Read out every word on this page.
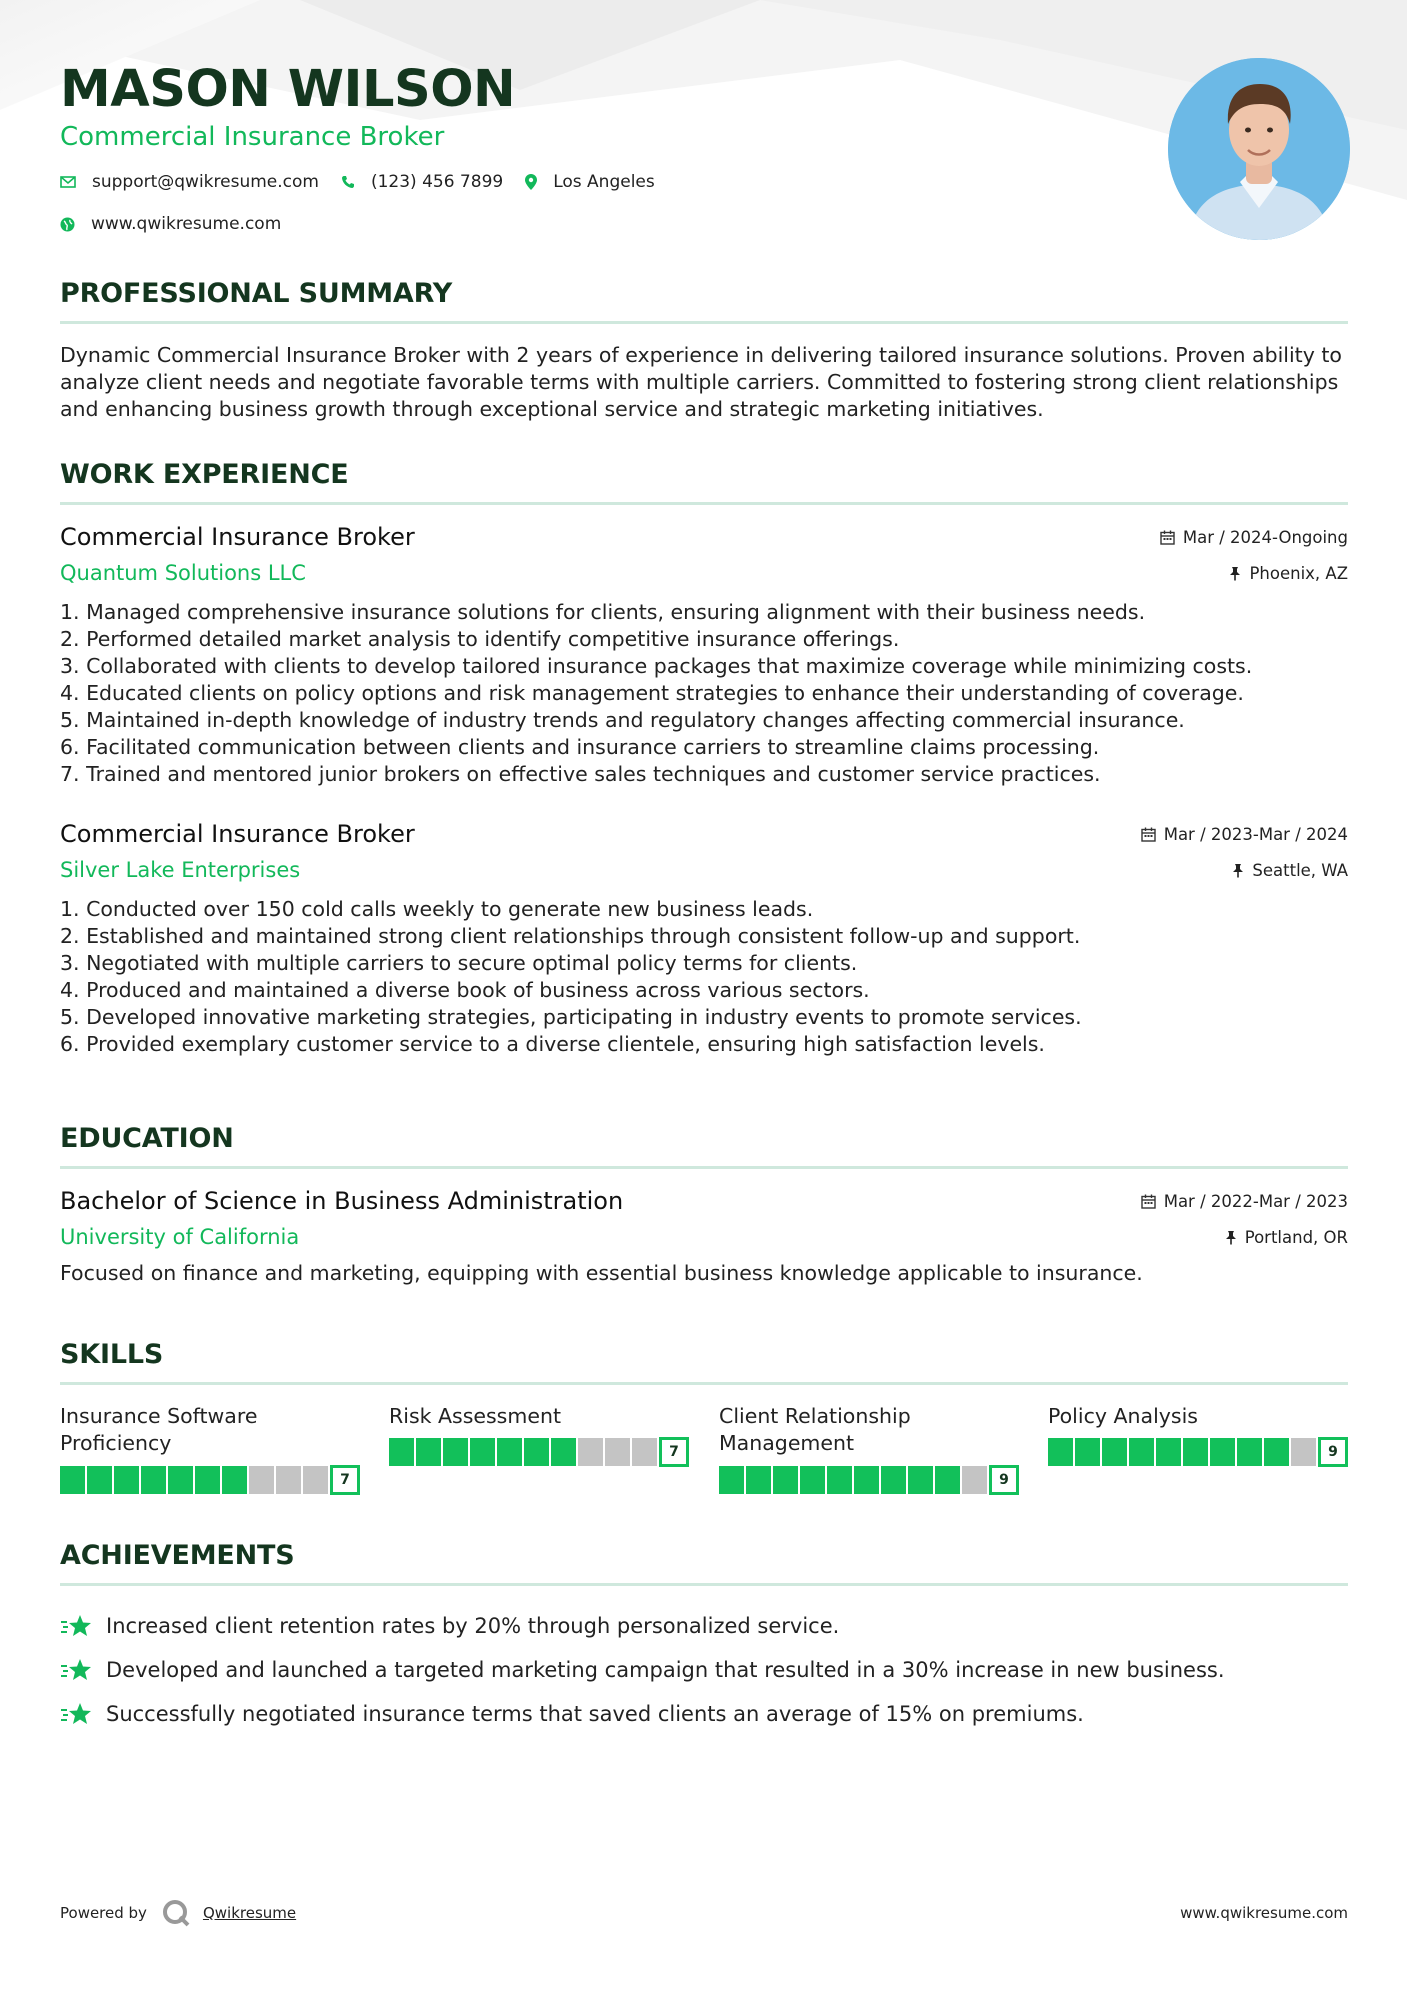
MASON WILSON
Commercial Insurance Broker
support@qwikresume.com	(123) 456 7899	Los Angeles
www.qwikresume.com
PROFESSIONAL SUMMARY
Dynamic Commercial Insurance Broker with 2 years of experience in delivering tailored insurance solutions. Proven ability to analyze client needs and negotiate favorable terms with multiple carriers. Committed to fostering strong client relationships and enhancing business growth through exceptional service and strategic marketing initiatives.
WORK EXPERIENCE
Commercial Insurance Broker	Mar / 2024-Ongoing
Quantum Solutions LLC	Phoenix, AZ
1. Managed comprehensive insurance solutions for clients, ensuring alignment with their business needs.
2. Performed detailed market analysis to identify competitive insurance offerings.
3. Collaborated with clients to develop tailored insurance packages that maximize coverage while minimizing costs.
4. Educated clients on policy options and risk management strategies to enhance their understanding of coverage.
5. Maintained in-depth knowledge of industry trends and regulatory changes affecting commercial insurance.
6. Facilitated communication between clients and insurance carriers to streamline claims processing.
7. Trained and mentored junior brokers on effective sales techniques and customer service practices.
Commercial Insurance Broker	Mar / 2023-Mar / 2024
Silver Lake Enterprises	Seattle, WA
1. Conducted over 150 cold calls weekly to generate new business leads.
2. Established and maintained strong client relationships through consistent follow-up and support.
3. Negotiated with multiple carriers to secure optimal policy terms for clients.
4. Produced and maintained a diverse book of business across various sectors.
5. Developed innovative marketing strategies, participating in industry events to promote services.
6. Provided exemplary customer service to a diverse clientele, ensuring high satisfaction levels.
EDUCATION
Bachelor of Science in Business Administration	Mar / 2022-Mar / 2023
University of California	Portland, OR
Focused on finance and marketing, equipping with essential business knowledge applicable to insurance.
SKILLS
Insurance Software Proficiency
7
Risk Assessment
7
Client Relationship Management
9
Policy Analysis
9
ACHIEVEMENTS
Increased client retention rates by 20% through personalized service.
Developed and launched a targeted marketing campaign that resulted in a 30% increase in new business.
Successfully negotiated insurance terms that saved clients an average of 15% on premiums.
Powered by	Qwikresume	www.qwikresume.com
